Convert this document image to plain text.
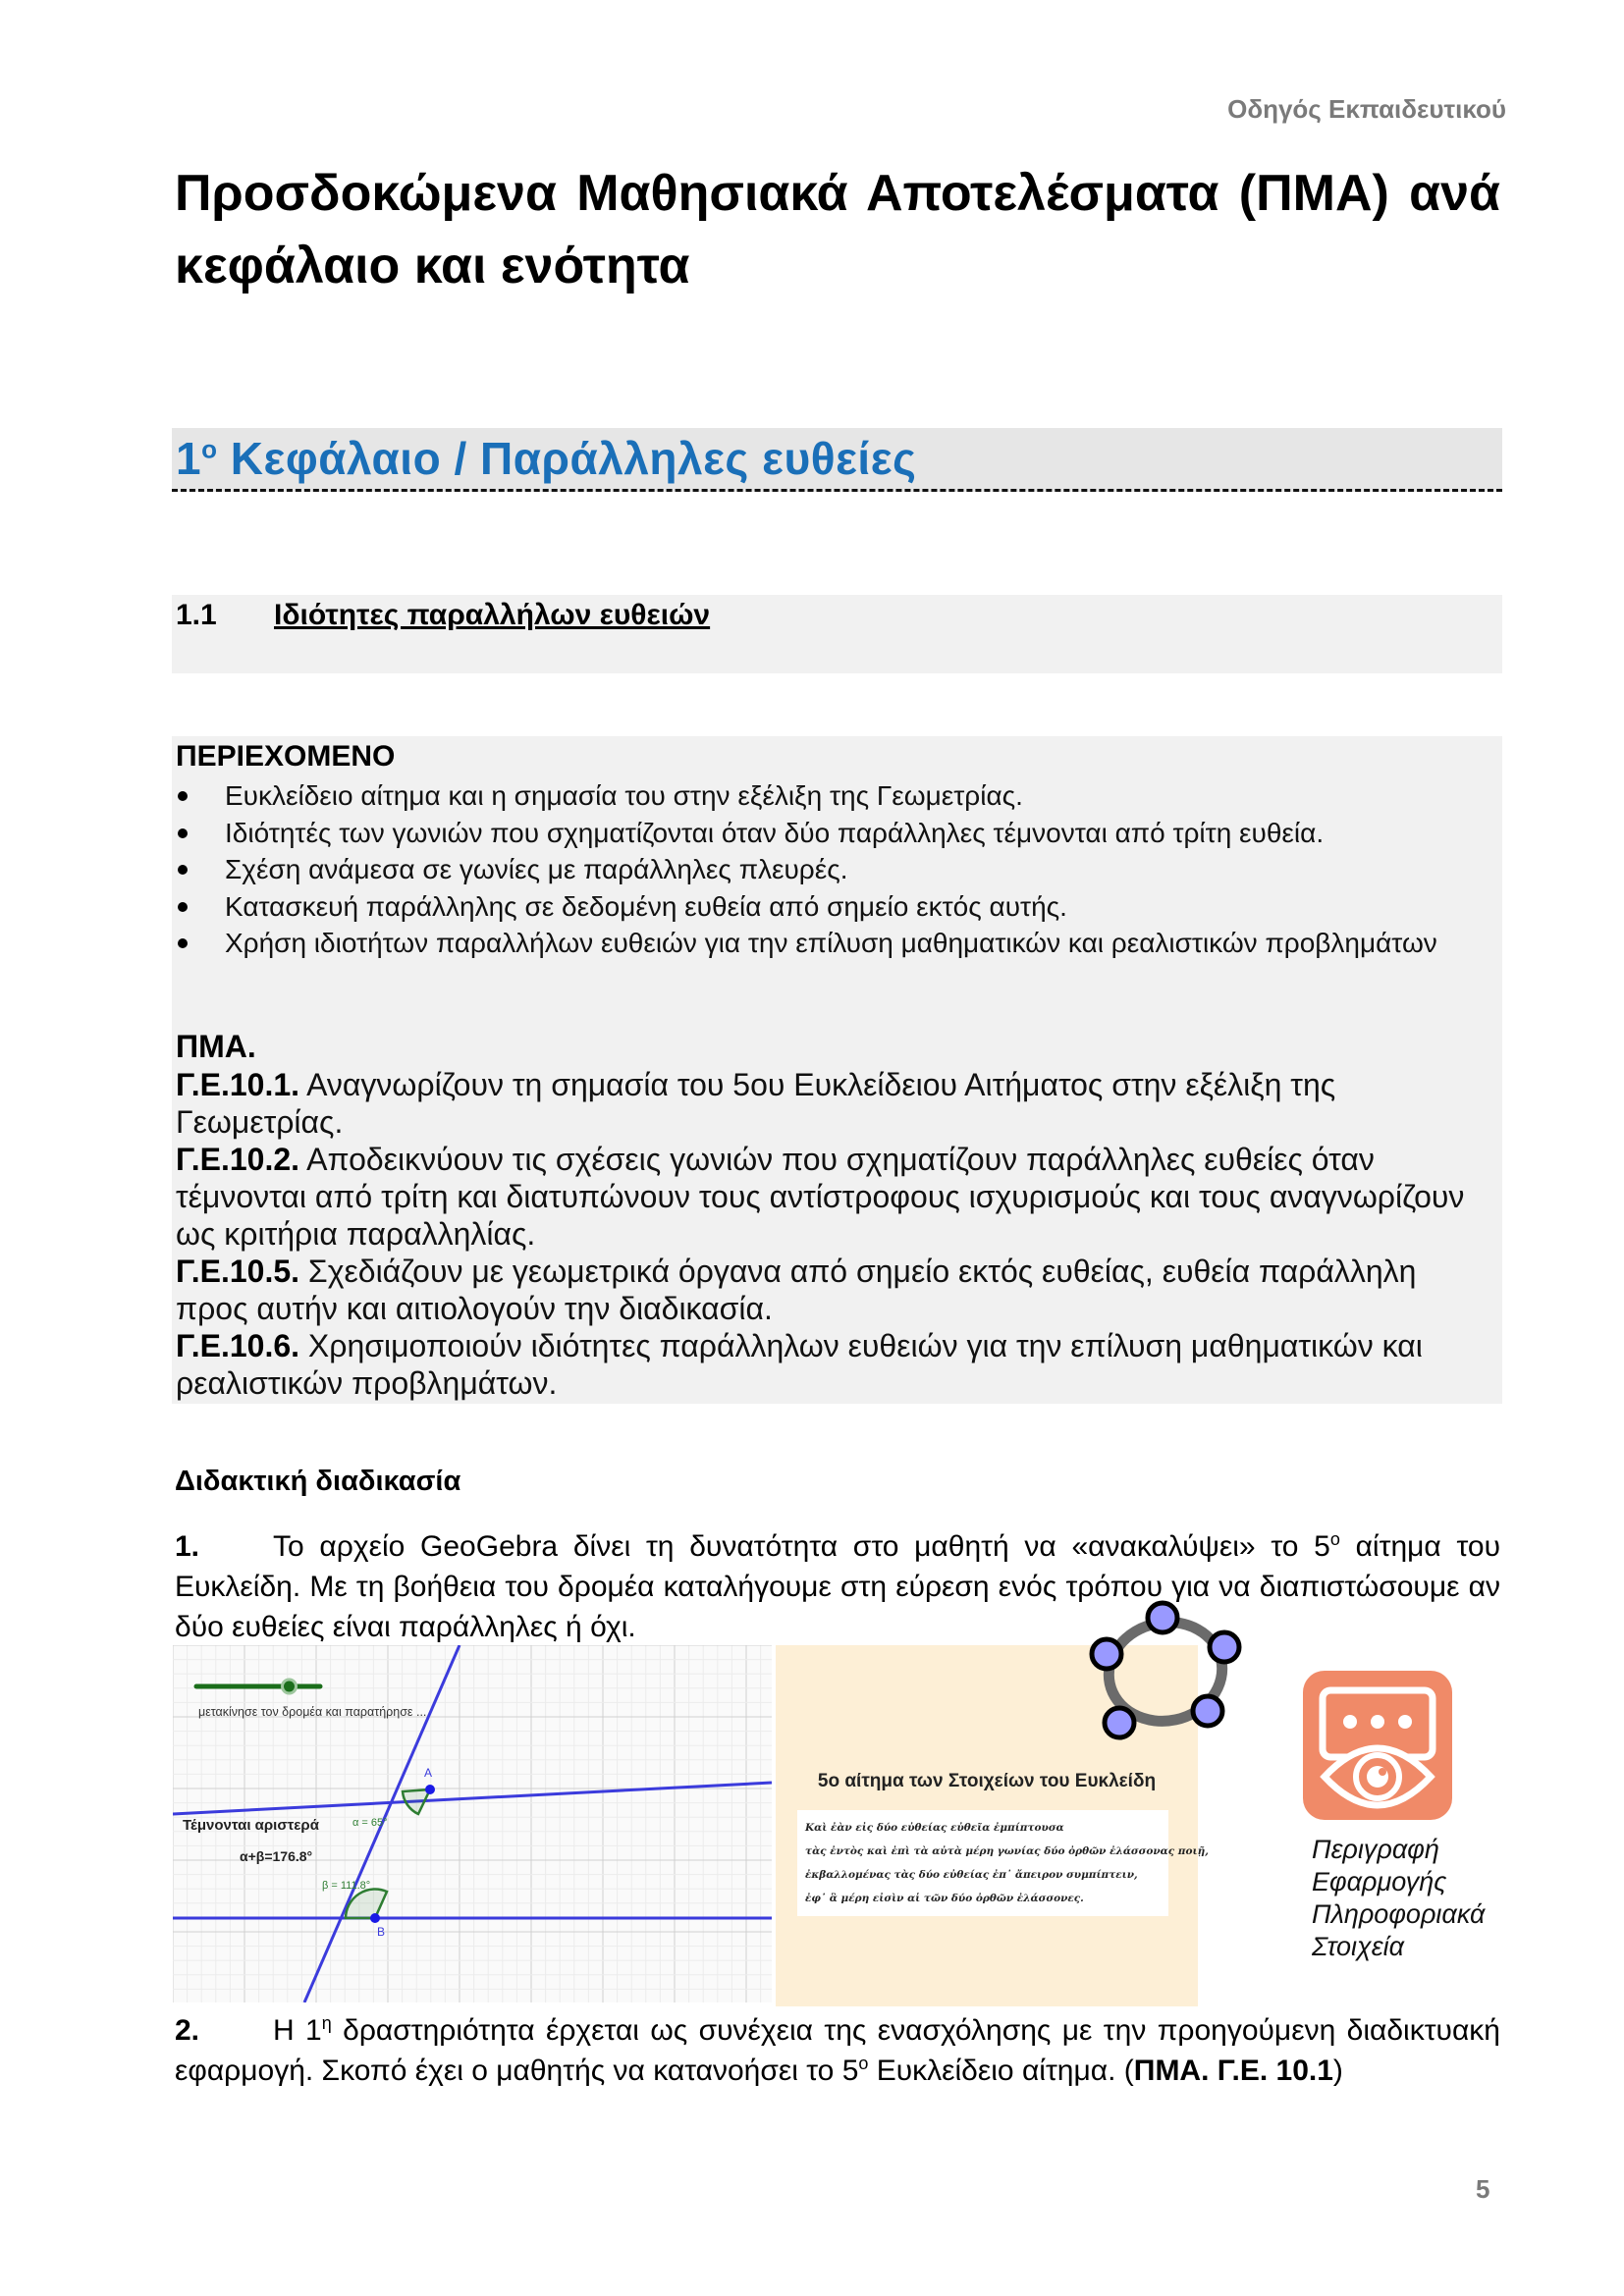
Οδηγός Εκπαιδευτικού
Προσδοκώμενα Μαθησιακά Αποτελέσματα (ΠΜΑ) ανά κεφάλαιο και ενότητα
$1^o$ Κεφάλαιο / Παράλληλες ευθείες
1.1 Ιδιότητες παραλλήλων ευθειών
ΠΕΡΙΕΧΟΜΕΝΟ
Ευκλείδειο αίτημα και η σημασία του στην εξέλιξη της Γεωμετρίας.
Ιδιότητές των γωνιών που σχηματίζονται όταν δύο παράλληλες τέμνονται από τρίτη ευθεία.
Σχέση ανάμεσα σε γωνίες με παράλληλες πλευρές.
Κατασκευή παράλληλης σε δεδομένη ευθεία από σημείο εκτός αυτής.
Χρήση ιδιοτήτων παραλλήλων ευθειών για την επίλυση μαθηματικών και ρεαλιστικών προβλημάτων
ΠΜΑ.
Γ.Ε.10.1. Αναγνωρίζουν τη σημασία του 5ου Ευκλείδειου Αιτήματος στην εξέλιξη της Γεωμετρίας.
Γ.Ε.10.2. Αποδεικνύουν τις σχέσεις γωνιών που σχηματίζουν παράλληλες ευθείες όταν τέμνονται από τρίτη και διατυπώνουν τους αντίστροφους ισχυρισμούς και τους αναγνωρίζουν ως κριτήρια παραλληλίας.
Γ.Ε.10.5. Σχεδιάζουν με γεωμετρικά όργανα από σημείο εκτός ευθείας, ευθεία παράλληλη προς αυτήν και αιτιολογούν την διαδικασία.
Γ.Ε.10.6. Χρησιμοποιούν ιδιότητες παράλληλων ευθειών για την επίλυση μαθηματικών και ρεαλιστικών προβλημάτων.
Διδακτική διαδικασία
1. Το αρχείο GeoGebra δίνει τη δυνατότητα στο μαθητή να «ανακαλύψει» το $5^o$ αίτημα του Ευκλείδη. Με τη βοήθεια του δρομέα καταλήγουμε στη εύρεση ενός τρόπου για να διαπιστώσουμε αν δύο ευθείες είναι παράλληλες ή όχι.
μετακίνησε τον δρομέα και παρατήρησε ...
α = 65°
β = 111.8°
A
B
Τέμνονται αριστερά
α+β=176.8°
5ο αίτημα των Στοιχείων του Ευκλείδη
Καὶ ἐὰν εἰς δύο εὐθείας εὐθεῖα ἐμπίπτουσα
τὰς ἐντὸς καὶ ἐπὶ τὰ αὐτὰ μέρη γωνίας δύο ὀρθῶν ἐλάσσονας ποιῇ,
ἐκβαλλομένας τὰς δύο εὐθείας ἐπ᾽ ἄπειρον συμπίπτειν,
ἐφ᾽ ἃ μέρη εἰσὶν αἱ τῶν δύο ὀρθῶν ἐλάσσονες.
Περιγραφή
Εφαρμογής
Πληροφοριακά
Στοιχεία
2. Η $1^\eta$ δραστηριότητα έρχεται ως συνέχεια της ενασχόλησης με την προηγούμενη διαδικτυακή εφαρμογή. Σκοπό έχει ο μαθητής να κατανοήσει το $5^o$ Ευκλείδειο αίτημα. (ΠΜΑ. Γ.Ε. 10.1)
5
